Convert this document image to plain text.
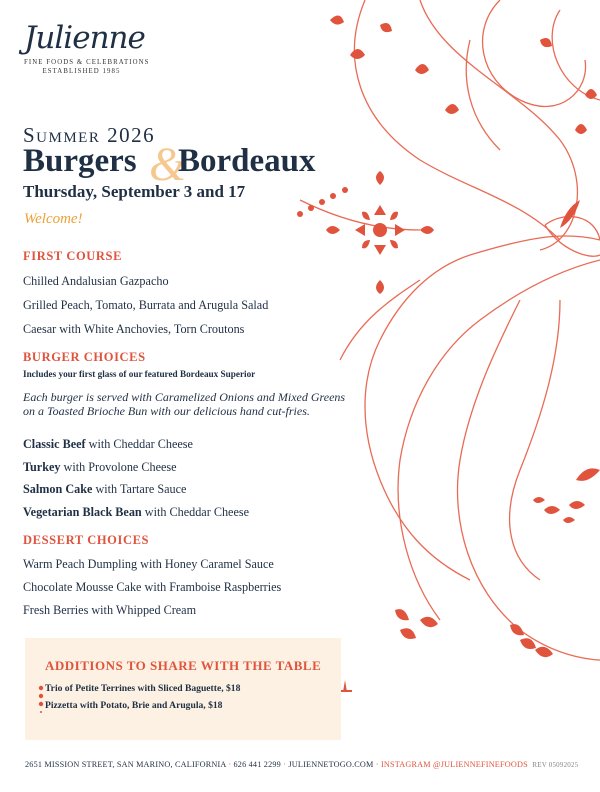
Julienne
FINE FOODS & CELEBRATIONS
ESTABLISHED 1985
Summer 2026
Burgers &
Bordeaux
Thursday, September 3 and 17
Welcome!
FIRST COURSE
Chilled Andalusian Gazpacho
Grilled Peach, Tomato, Burrata and Arugula Salad
Caesar with White Anchovies, Torn Croutons
BURGER CHOICES
Includes your first glass of our featured Bordeaux Superior
Each burger is served with Caramelized Onions and Mixed Greens
on a Toasted Brioche Bun with our delicious hand cut-fries.
Classic Beef with Cheddar Cheese
Turkey with Provolone Cheese
Salmon Cake with Tartare Sauce
Vegetarian Black Bean with Cheddar Cheese
DESSERT CHOICES
Warm Peach Dumpling with Honey Caramel Sauce
Chocolate Mousse Cake with Framboise Raspberries
Fresh Berries with Whipped Cream
ADDITIONS TO SHARE WITH THE TABLE
Trio of Petite Terrines with Sliced Baguette, $18
Pizzetta with Potato, Brie and Arugula, $18
2651 MISSION STREET, SAN MARINO, CALIFORNIA · 626 441 2299 · JULIENNETOGO.COM · INSTAGRAM @JULIENNEFINEFOODS REV 05092025
